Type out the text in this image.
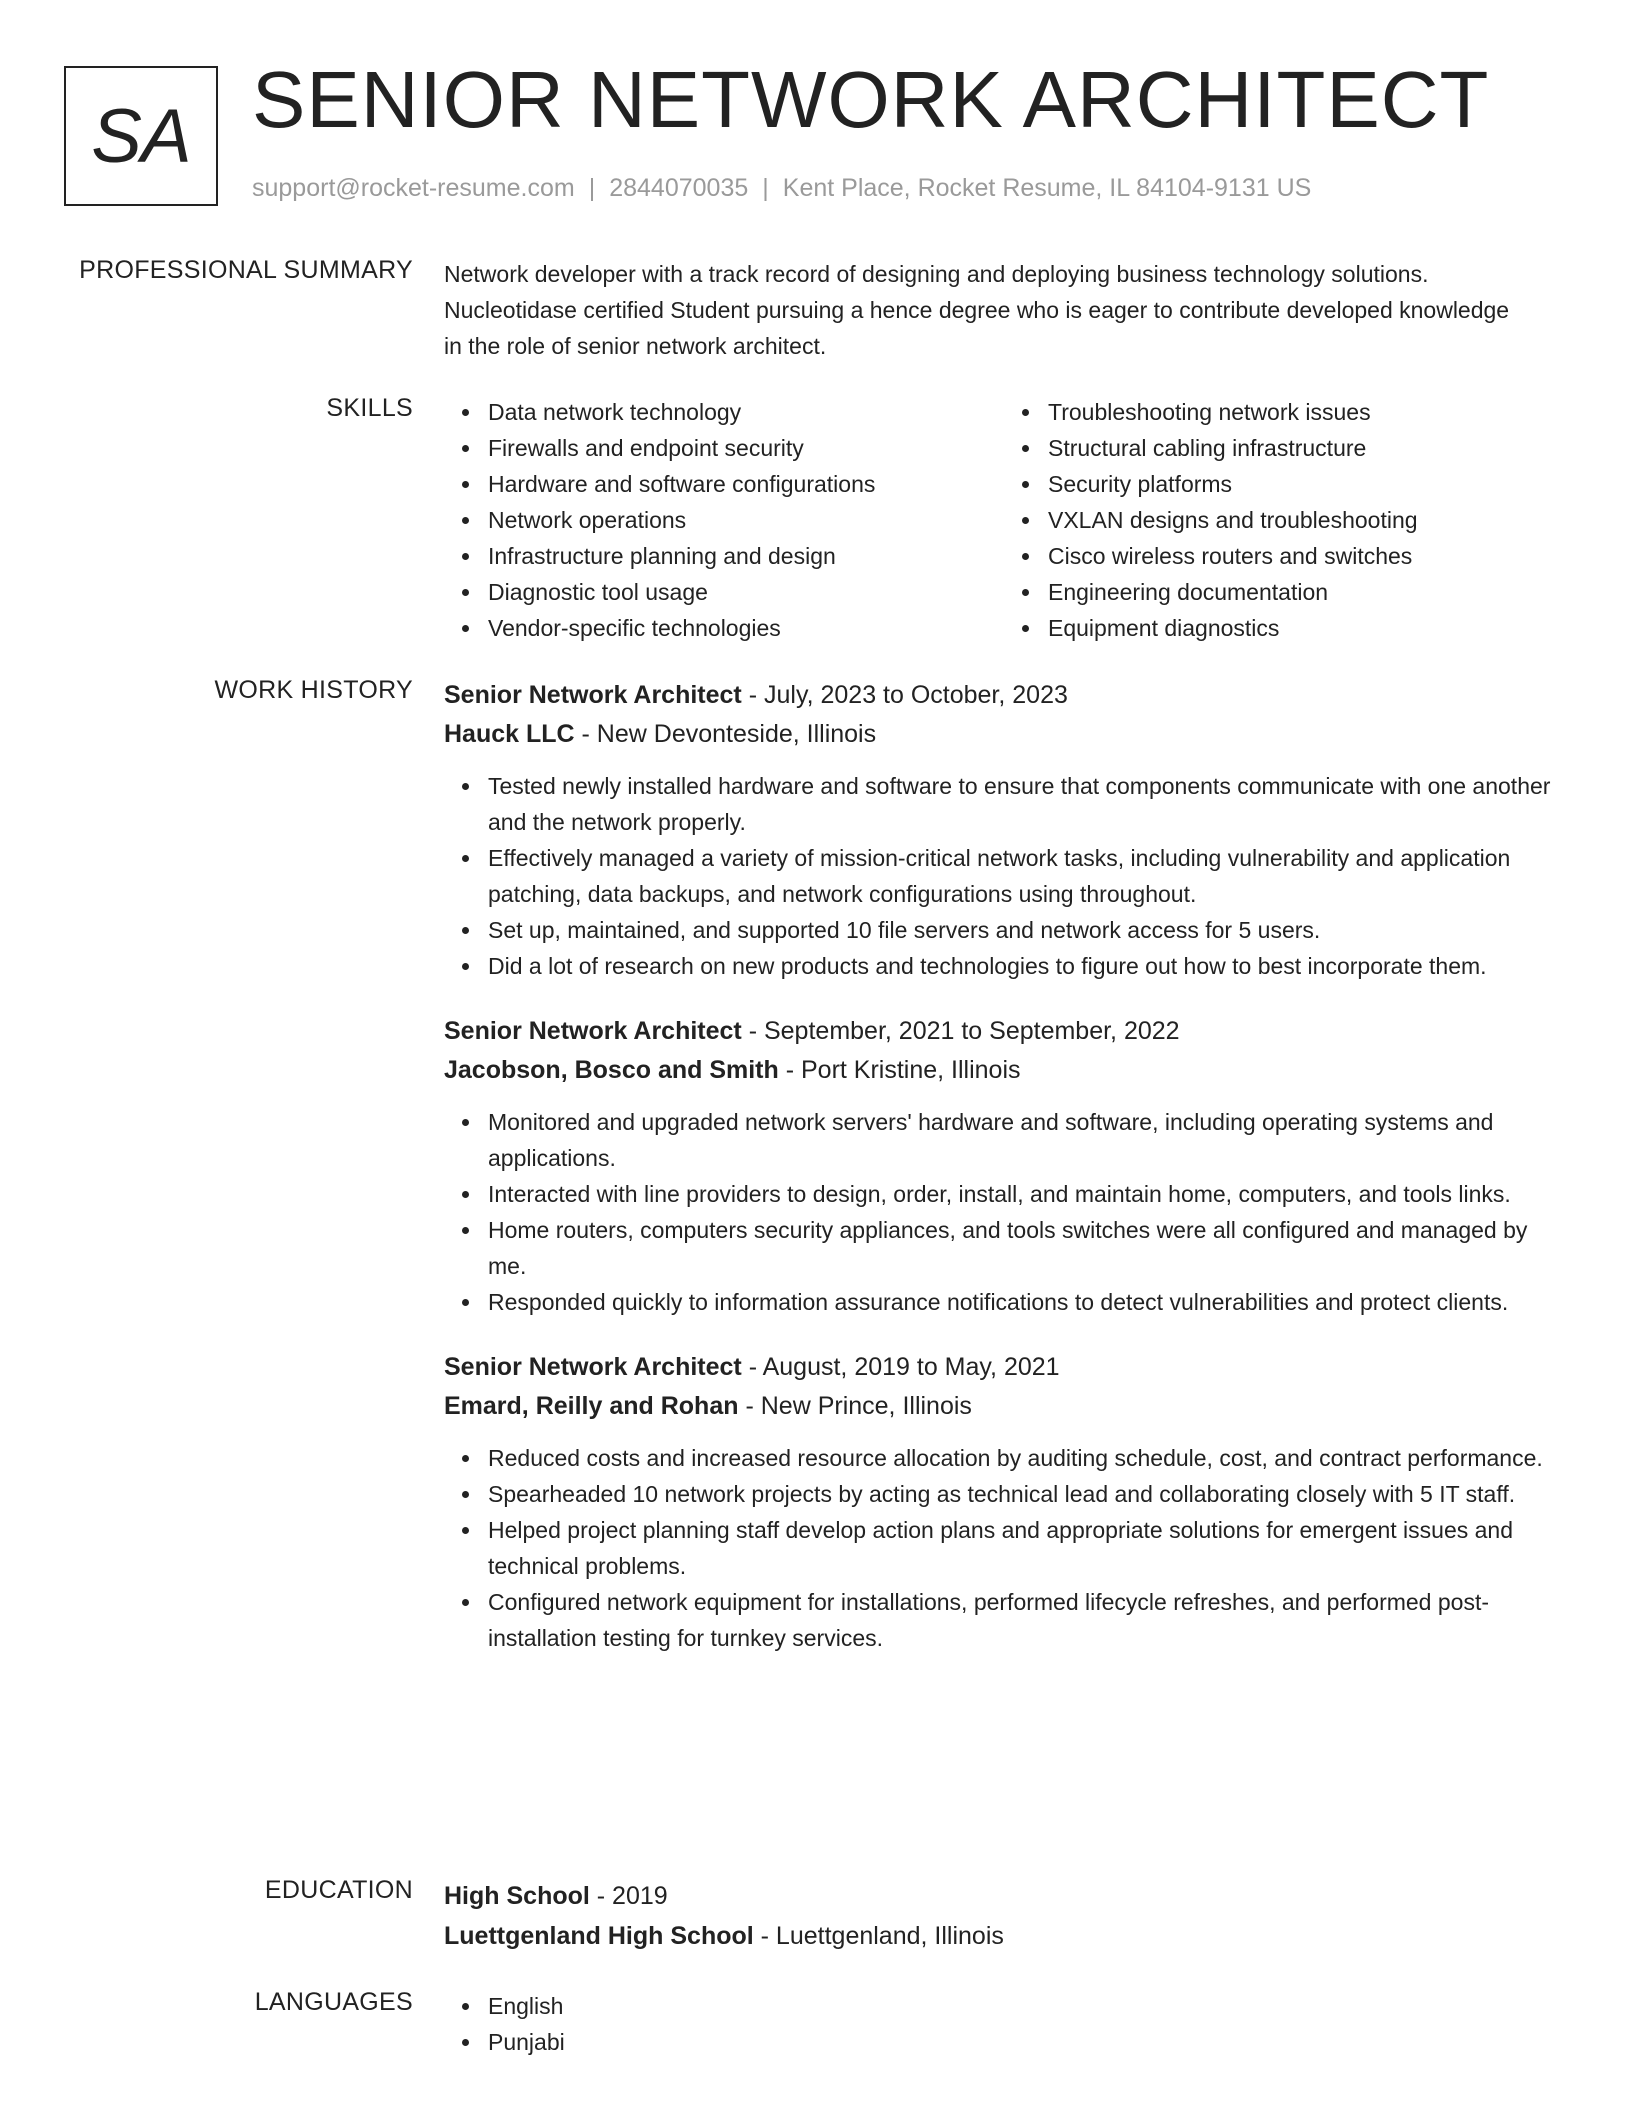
SA SENIOR NETWORK ARCHITECT
support@rocket-resume.com | 2844070035 | Kent Place, Rocket Resume, IL 84104-9131 US
PROFESSIONAL SUMMARY Network developer with a track record of designing and deploying business technology solutions. Nucleotidase certified Student pursuing a hence degree who is eager to contribute developed knowledge in the role of senior network architect.
SKILLS	Data network technology
Firewalls and endpoint security
Hardware and software configurations
Network operations
Infrastructure planning and design
Diagnostic tool usage
Vendor-specific technologies
Troubleshooting network issues
Structural cabling infrastructure
Security platforms
VXLAN designs and troubleshooting
Cisco wireless routers and switches
Engineering documentation
Equipment diagnostics
WORK HISTORY Senior Network Architect - July, 2023 to October, 2023
Hauck LLC - New Devonteside, Illinois
Tested newly installed hardware and software to ensure that components communicate with one another and the network properly.
Effectively managed a variety of mission-critical network tasks, including vulnerability and application patching, data backups, and network configurations using throughout.
Set up, maintained, and supported 10 file servers and network access for 5 users.
Did a lot of research on new products and technologies to figure out how to best incorporate them.
Senior Network Architect - September, 2021 to September, 2022
Jacobson, Bosco and Smith - Port Kristine, Illinois
Monitored and upgraded network servers' hardware and software, including operating systems and applications.
Interacted with line providers to design, order, install, and maintain home, computers, and tools links.
Home routers, computers security appliances, and tools switches were all configured and managed by me.
Responded quickly to information assurance notifications to detect vulnerabilities and protect clients.
Senior Network Architect - August, 2019 to May, 2021
Emard, Reilly and Rohan - New Prince, Illinois
Reduced costs and increased resource allocation by auditing schedule, cost, and contract performance.
Spearheaded 10 network projects by acting as technical lead and collaborating closely with 5 IT staff.
Helped project planning staff develop action plans and appropriate solutions for emergent issues and technical problems.
Configured network equipment for installations, performed lifecycle refreshes, and performed post-installation testing for turnkey services.
EDUCATION High School - 2019
Luettgenland High School - Luettgenland, Illinois
LANGUAGES	English
Punjabi
